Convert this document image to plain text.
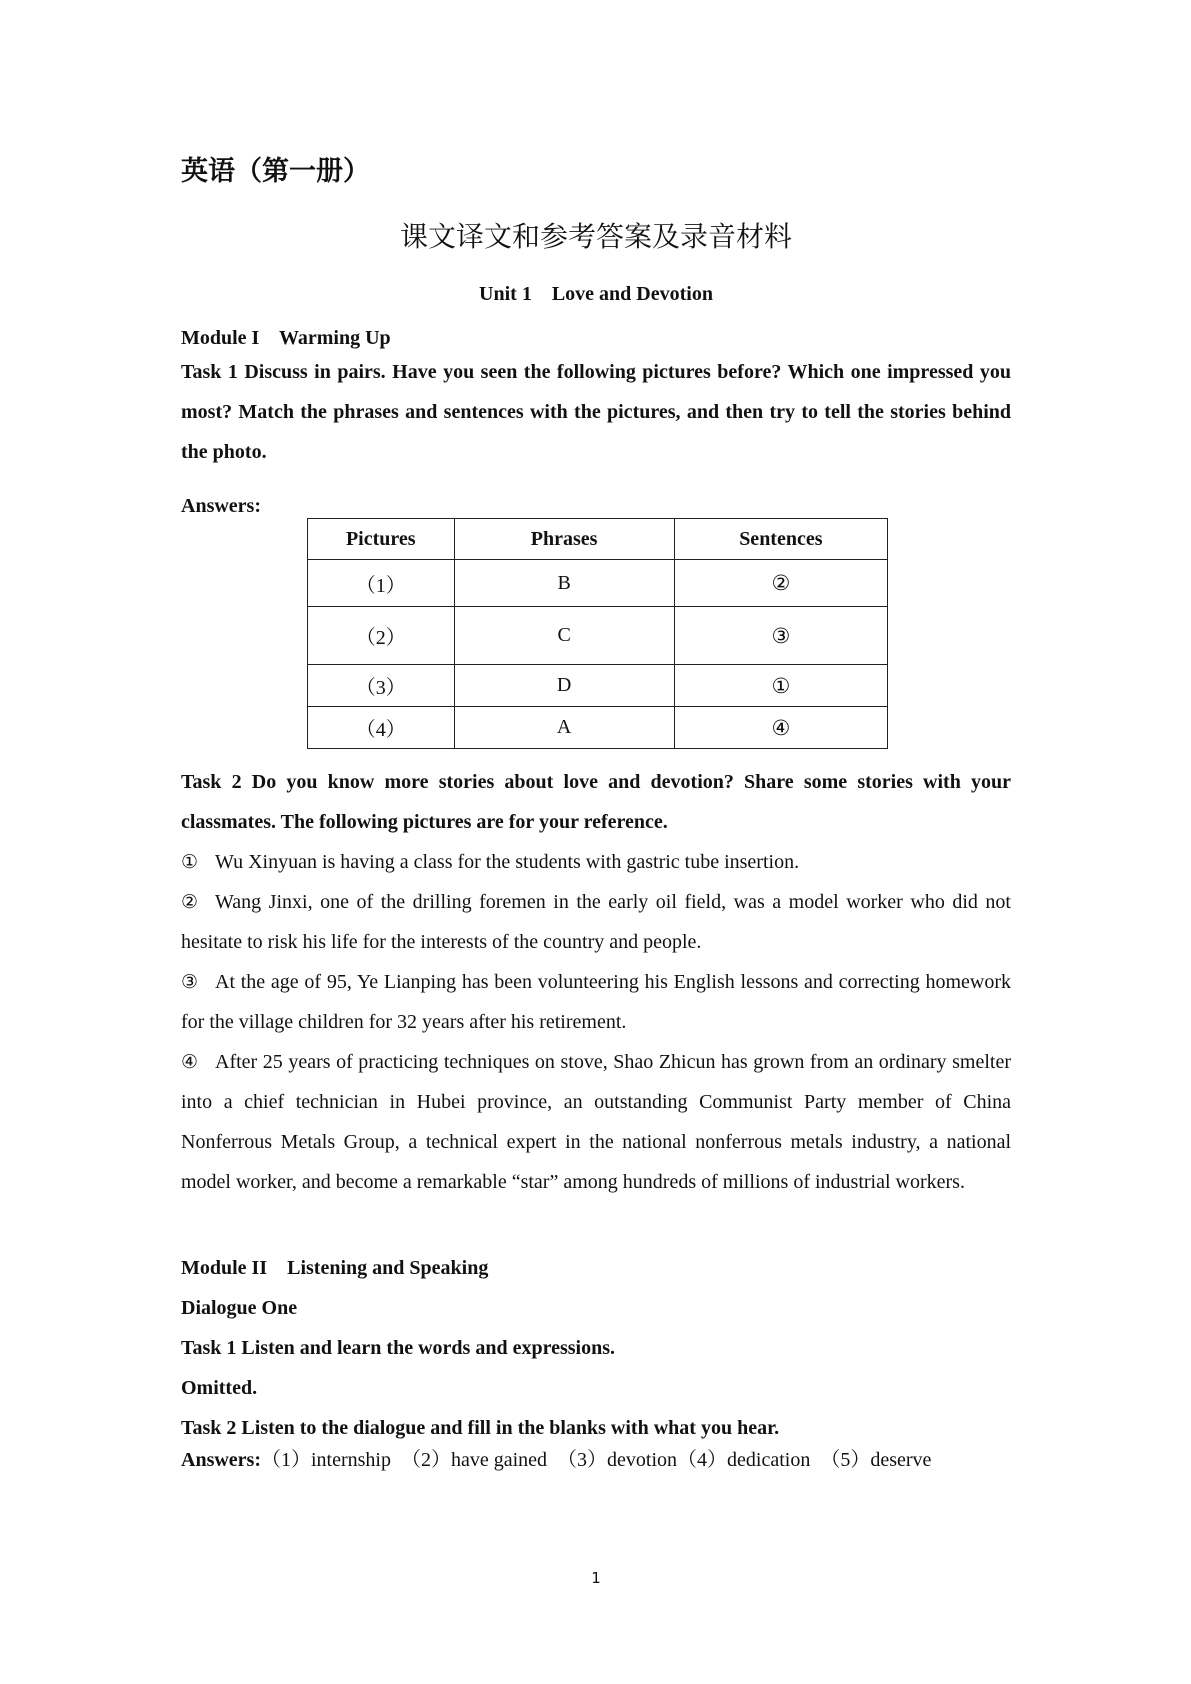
英语（第一册）

课文译文和参考答案及录音材料
Unit 1    Love and Devotion

Module I    Warming Up

Task 1 Discuss in pairs. Have you seen the following pictures before? Which one impressed you most? Match the phrases and sentences with the pictures, and then try to tell the stories behind the photo.

Answers:

Pictures	Phrases	Sentences
（1）	B	②
（2）	C	③
（3）	D	①
（4）	A	④

Task 2 Do you know more stories about love and devotion? Share some stories with your classmates. The following pictures are for your reference.

① Wu Xinyuan is having a class for the students with gastric tube insertion.

② Wang Jinxi, one of the drilling foremen in the early oil field, was a model worker who did not hesitate to risk his life for the interests of the country and people.

③ At the age of 95, Ye Lianping has been volunteering his English lessons and correcting homework for the village children for 32 years after his retirement.

④ After 25 years of practicing techniques on stove, Shao Zhicun has grown from an ordinary smelter into a chief technician in Hubei province, an outstanding Communist Party member of China Nonferrous Metals Group, a technical expert in the national nonferrous metals industry, a national model worker, and become a remarkable “star” among hundreds of millions of industrial workers.

Module II    Listening and Speaking

Dialogue One

Task 1 Listen and learn the words and expressions.

Omitted.

Task 2 Listen to the dialogue and fill in the blanks with what you hear.

Answers:（1）internship  （2）have gained  （3）devotion（4）dedication  （5）deserve

1
